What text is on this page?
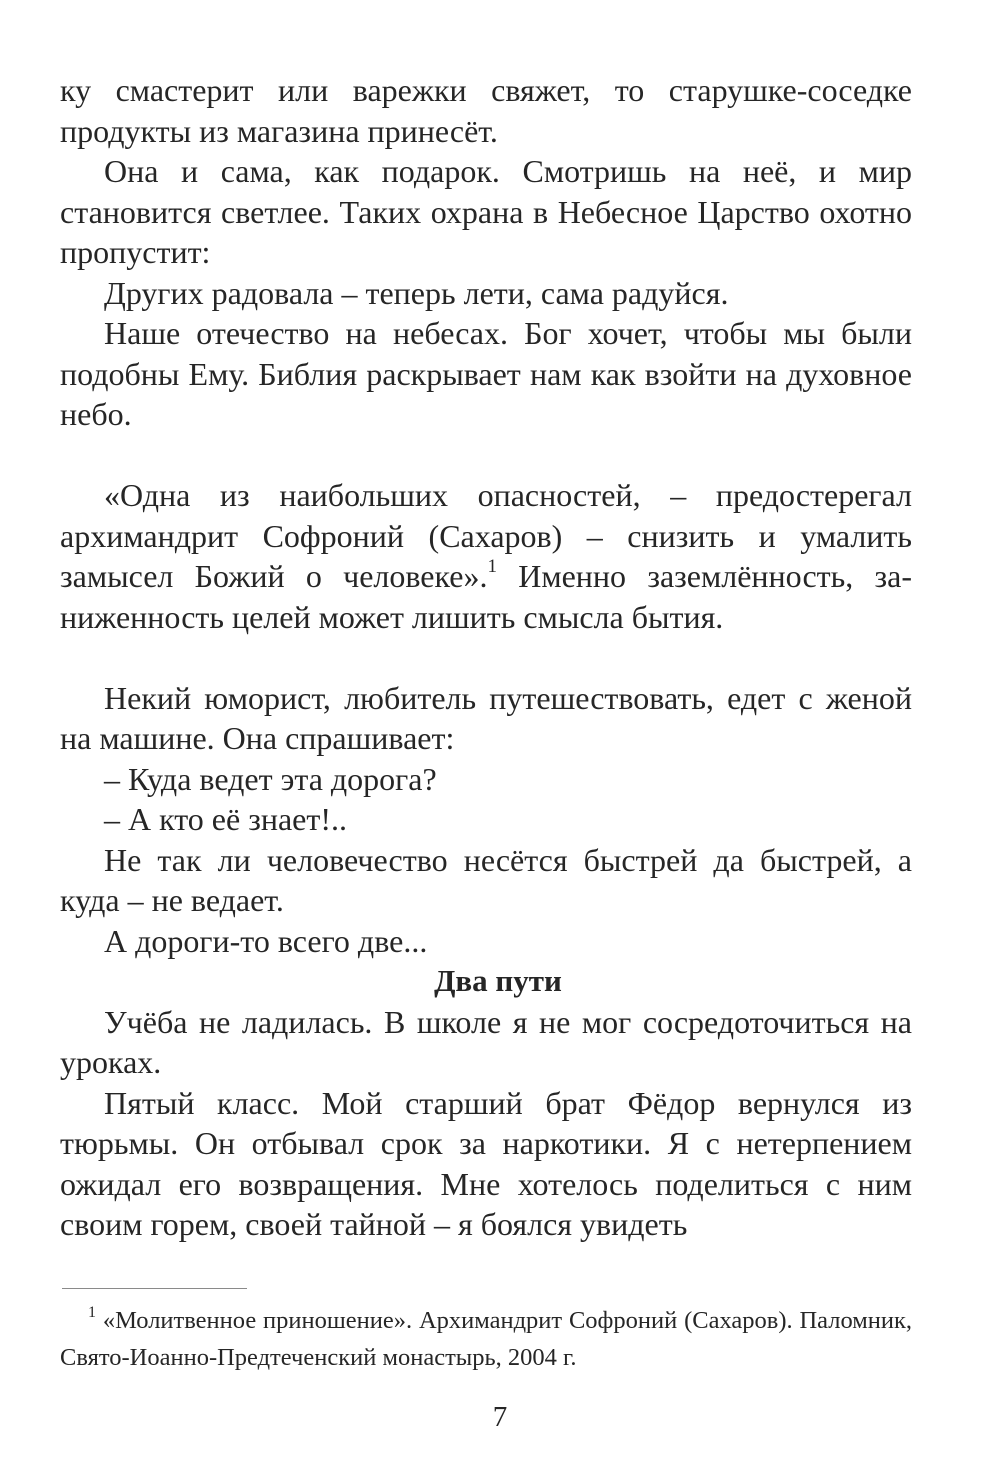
ку смастерит или варежки свяжет, то старушке-соседке продукты из магазина принесёт.

Она и сама, как подарок. Смотришь на неё, и мир становится светлее. Таких охрана в Небесное Царство охотно пропустит:

Других радовала – теперь лети, сама радуйся.

Наше отечество на небесах. Бог хочет, чтобы мы были подобны Ему. Библия раскрывает нам как взойти на духовное небо.

«Одна из наибольших опасностей, – предостерегал архимандрит Софроний (Сахаров) – снизить и умалить замысел Божий о человеке».$^1$ Именно заземлённость, заниженность целей может лишить смысла бытия.

Некий юморист, любитель путешествовать, едет с женой на машине. Она спрашивает:

– Куда ведет эта дорога?

– А кто её знает!..

Не так ли человечество несётся быстрей да быстрей, а куда – не ведает.

А дороги-то всего две...

Два пути

Учёба не ладилась. В школе я не мог сосредоточиться на уроках.

Пятый класс. Мой старший брат Фёдор вернулся из тюрьмы. Он отбывал срок за наркотики. Я с нетерпением ожидал его возвращения. Мне хотелось поделиться с ним своим горем, своей тайной – я боялся увидеть

$^1$ «Молитвенное приношение». Архимандрит Софроний (Сахаров). Паломник, Свято-Иоанно-Предтеченский монастырь, 2004 г.

7
